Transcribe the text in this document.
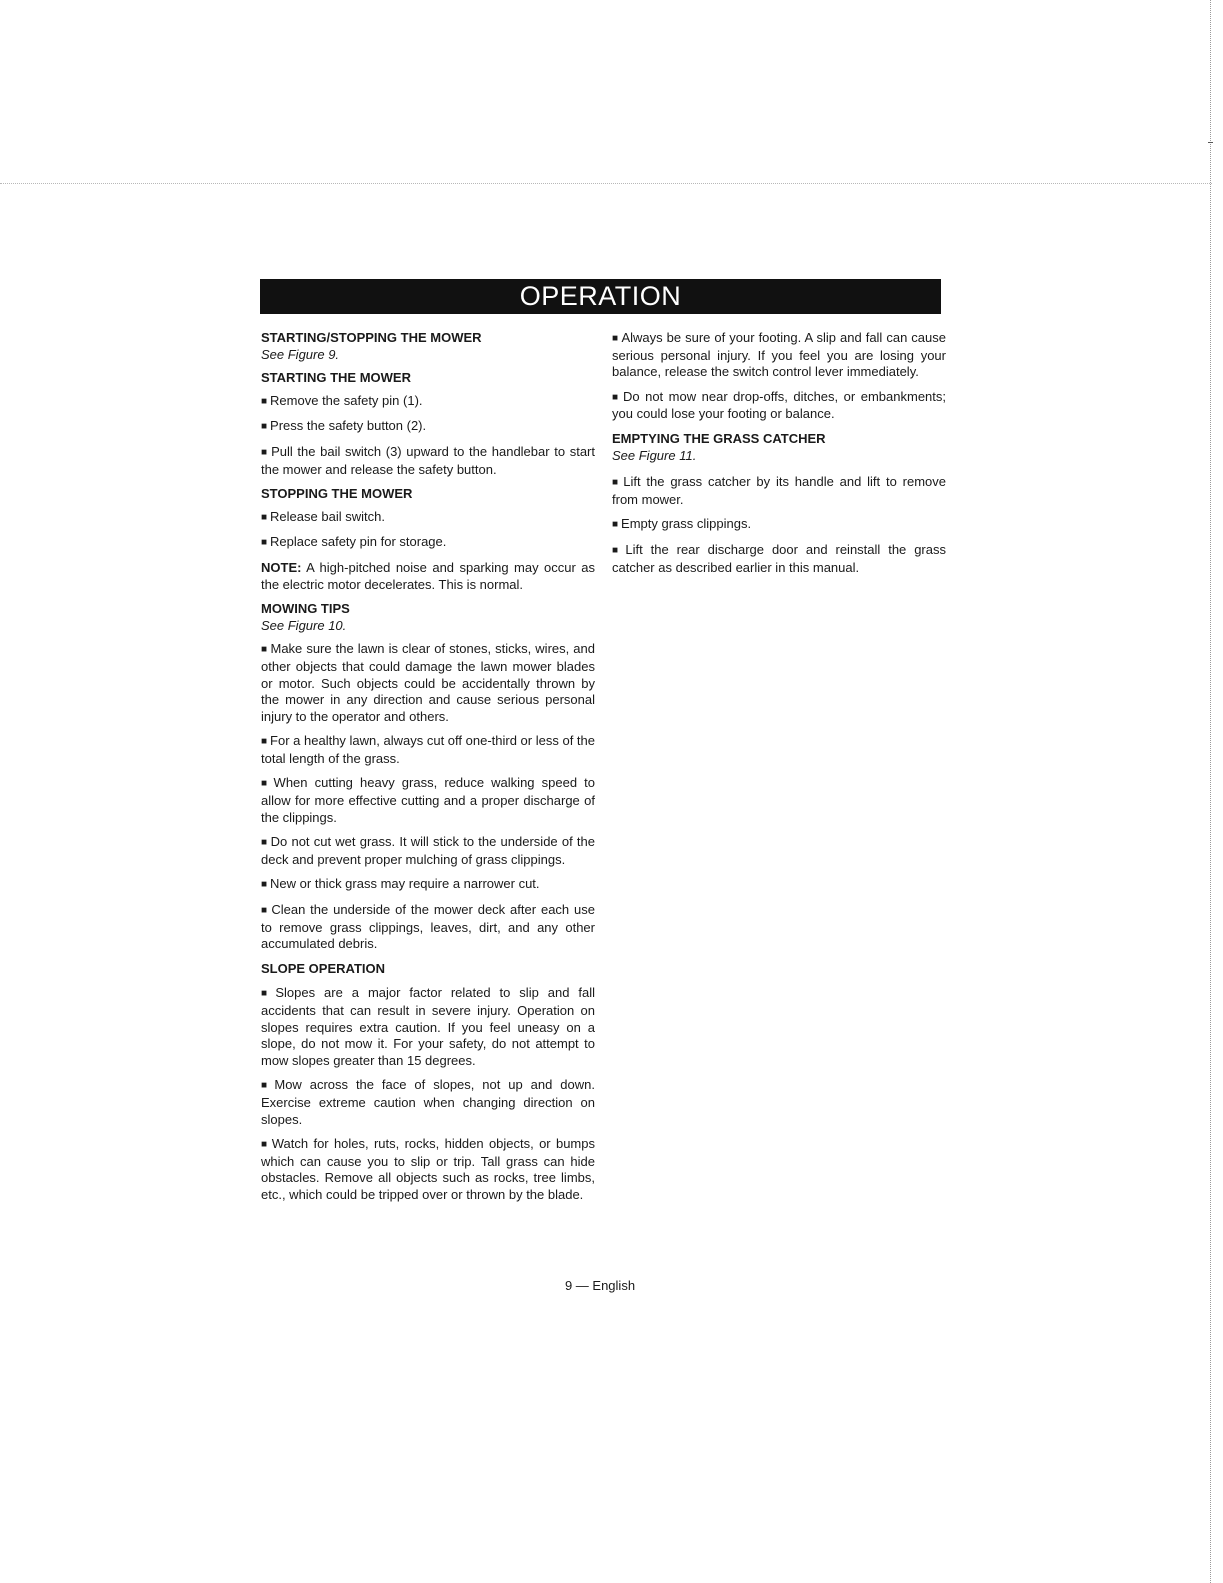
OPERATION

STARTING/STOPPING THE MOWER

See Figure 9.

STARTING THE MOWER

■ Remove the safety pin (1).

■ Press the safety button (2).

■ Pull the bail switch (3) upward to the handlebar to start the mower and release the safety button.

STOPPING THE MOWER

■ Release bail switch.

■ Replace safety pin for storage.

NOTE: A high-pitched noise and sparking may occur as the electric motor decelerates. This is normal.

MOWING TIPS

See Figure 10.

■ Make sure the lawn is clear of stones, sticks, wires, and other objects that could damage the lawn mower blades or motor. Such objects could be accidentally thrown by the mower in any direction and cause serious personal injury to the operator and others.

■ For a healthy lawn, always cut off one-third or less of the total length of the grass.

■ When cutting heavy grass, reduce walking speed to allow for more effective cutting and a proper discharge of the clippings.

■ Do not cut wet grass. It will stick to the underside of the deck and prevent proper mulching of grass clippings.

■ New or thick grass may require a narrower cut.

■ Clean the underside of the mower deck after each use to remove grass clippings, leaves, dirt, and any other accumulated debris.

SLOPE OPERATION

■ Slopes are a major factor related to slip and fall accidents that can result in severe injury. Operation on slopes requires extra caution. If you feel uneasy on a slope, do not mow it. For your safety, do not attempt to mow slopes greater than 15 degrees.

■ Mow across the face of slopes, not up and down. Exercise extreme caution when changing direction on slopes.

■ Watch for holes, ruts, rocks, hidden objects, or bumps which can cause you to slip or trip. Tall grass can hide obstacles. Remove all objects such as rocks, tree limbs, etc., which could be tripped over or thrown by the blade.

■ Always be sure of your footing. A slip and fall can cause serious personal injury. If you feel you are losing your balance, release the switch control lever immediately.

■ Do not mow near drop-offs, ditches, or embankments; you could lose your footing or balance.

EMPTYING THE GRASS CATCHER

See Figure 11.

■ Lift the grass catcher by its handle and lift to remove from mower.

■ Empty grass clippings.

■ Lift the rear discharge door and reinstall the grass catcher as described earlier in this manual.

9 — English
